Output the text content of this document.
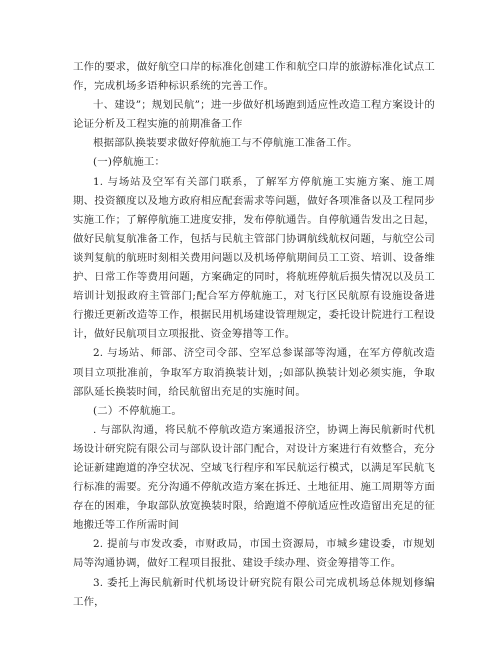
工作的要求，做好航空口岸的标准化创建工作和航空口岸的旅游标准化试点工作，完成机场多语种标识系统的完善工作。

十、建设”；规划民航”；进一步做好机场跑到适应性改造工程方案设计的论证分析及工程实施的前期准备工作

根据部队换装要求做好停航施工与不停航施工准备工作。

(一)停航施工：

1. 与场站及空军有关部门联系，了解军方停航施工实施方案、施工周期、投资额度以及地方政府相应配套需求等问题，做好各项准备以及工程同步实施工作；了解停航施工进度安排，发布停航通告。自停航通告发出之日起，做好民航复航准备工作，包括与民航主管部门协调航线航权问题，与航空公司谈判复航的航班时刻相关费用问题以及机场停航期间员工工资、培训、设备维护、日常工作等费用问题，方案确定的同时，将航班停航后损失情况以及员工培训计划报政府主管部门;配合军方停航施工，对飞行区民航原有设施设备进行搬迁更新改造等工作，根据民用机场建设管理规定，委托设计院进行工程设计，做好民航项目立项报批、资金筹措等工作。

2. 与场站、师部、济空司令部、空军总参谋部等沟通，在军方停航改造项目立项批准前，争取军方取消换装计划，;如部队换装计划必须实施，争取部队延长换装时间，给民航留出充足的实施时间。

(二）不停航施工。

. 与部队沟通，将民航不停航改造方案通报济空，协调上海民航新时代机场设计研究院有限公司与部队设计部门配合，对设计方案进行有效整合，充分论证新建跑道的净空状况、空域飞行程序和军民航运行模式，以满足军民航飞行标准的需要。充分沟通不停航改造方案在拆迁、土地征用、施工周期等方面存在的困难，争取部队放宽换装时限，给跑道不停航适应性改造留出充足的征地搬迁等工作所需时间

2. 提前与市发改委，市财政局，市国土资源局，市城乡建设委，市规划局等沟通协调，做好工程项目报批、建设手续办理、资金筹措等工作。

3. 委托上海民航新时代机场设计研究院有限公司完成机场总体规划修编工作，
